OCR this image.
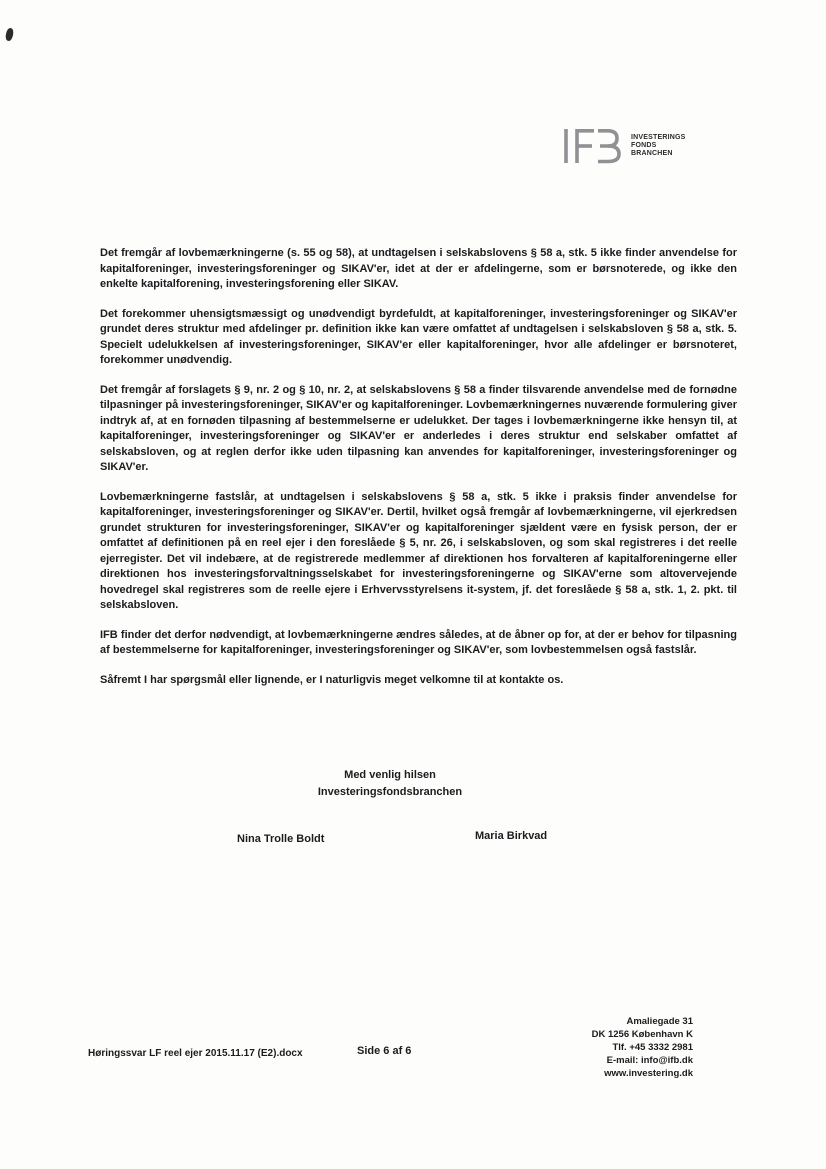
INVESTERINGS
FONDS
BRANCHEN

Det fremgår af lovbemærkningerne (s. 55 og 58), at undtagelsen i selskabslovens § 58 a, stk. 5 ikke finder anvendelse for kapitalforeninger, investeringsforeninger og SIKAV'er, idet at der er afdelingerne, som er børsnoterede, og ikke den enkelte kapitalforening, investeringsforening eller SIKAV.

Det forekommer uhensigtsmæssigt og unødvendigt byrdefuldt, at kapitalforeninger, investeringsforeninger og SIKAV'er grundet deres struktur med afdelinger pr. definition ikke kan være omfattet af undtagelsen i selskabsloven § 58 a, stk. 5. Specielt udelukkelsen af investeringsforeninger, SIKAV'er eller kapitalforeninger, hvor alle afdelinger er børsnoteret, forekommer unødvendig.

Det fremgår af forslagets § 9, nr. 2 og § 10, nr. 2, at selskabslovens § 58 a finder tilsvarende anvendelse med de fornødne tilpasninger på investeringsforeninger, SIKAV'er og kapitalforeninger. Lovbemærkningernes nuværende formulering giver indtryk af, at en fornøden tilpasning af bestemmelserne er udelukket. Der tages i lovbemærkningerne ikke hensyn til, at kapitalforeninger, investeringsforeninger og SIKAV'er er anderledes i deres struktur end selskaber omfattet af selskabsloven, og at reglen derfor ikke uden tilpasning kan anvendes for kapitalforeninger, investeringsforeninger og SIKAV'er.

Lovbemærkningerne fastslår, at undtagelsen i selskabslovens § 58 a, stk. 5 ikke i praksis finder anvendelse for kapitalforeninger, investeringsforeninger og SIKAV'er. Dertil, hvilket også fremgår af lovbemærkningerne, vil ejerkredsen grundet strukturen for investeringsforeninger, SIKAV'er og kapitalforeninger sjældent være en fysisk person, der er omfattet af definitionen på en reel ejer i den foreslåede § 5, nr. 26, i selskabsloven, og som skal registreres i det reelle ejerregister. Det vil indebære, at de registrerede medlemmer af direktionen hos forvalteren af kapitalforeningerne eller direktionen hos investeringsforvaltningsselskabet for investeringsforeningerne og SIKAV'erne som altovervejende hovedregel skal registreres som de reelle ejere i Erhvervsstyrelsens it-system, jf. det foreslåede § 58 a, stk. 1, 2. pkt. til selskabsloven.

IFB finder det derfor nødvendigt, at lovbemærkningerne ændres således, at de åbner op for, at der er behov for tilpasning af bestemmelserne for kapitalforeninger, investeringsforeninger og SIKAV'er, som lovbestemmelsen også fastslår.

Såfremt I har spørgsmål eller lignende, er I naturligvis meget velkomne til at kontakte os.

Med venlig hilsen
Investeringsfondsbranchen
Nina Trolle Boldt	Maria Birkvad
Høringssvar LF reel ejer 2015.11.17 (E2).docx	Side 6 af 6
Amaliegade 31
DK 1256 København K
Tlf. +45 3332 2981
E-mail: info@ifb.dk
www.investering.dk
